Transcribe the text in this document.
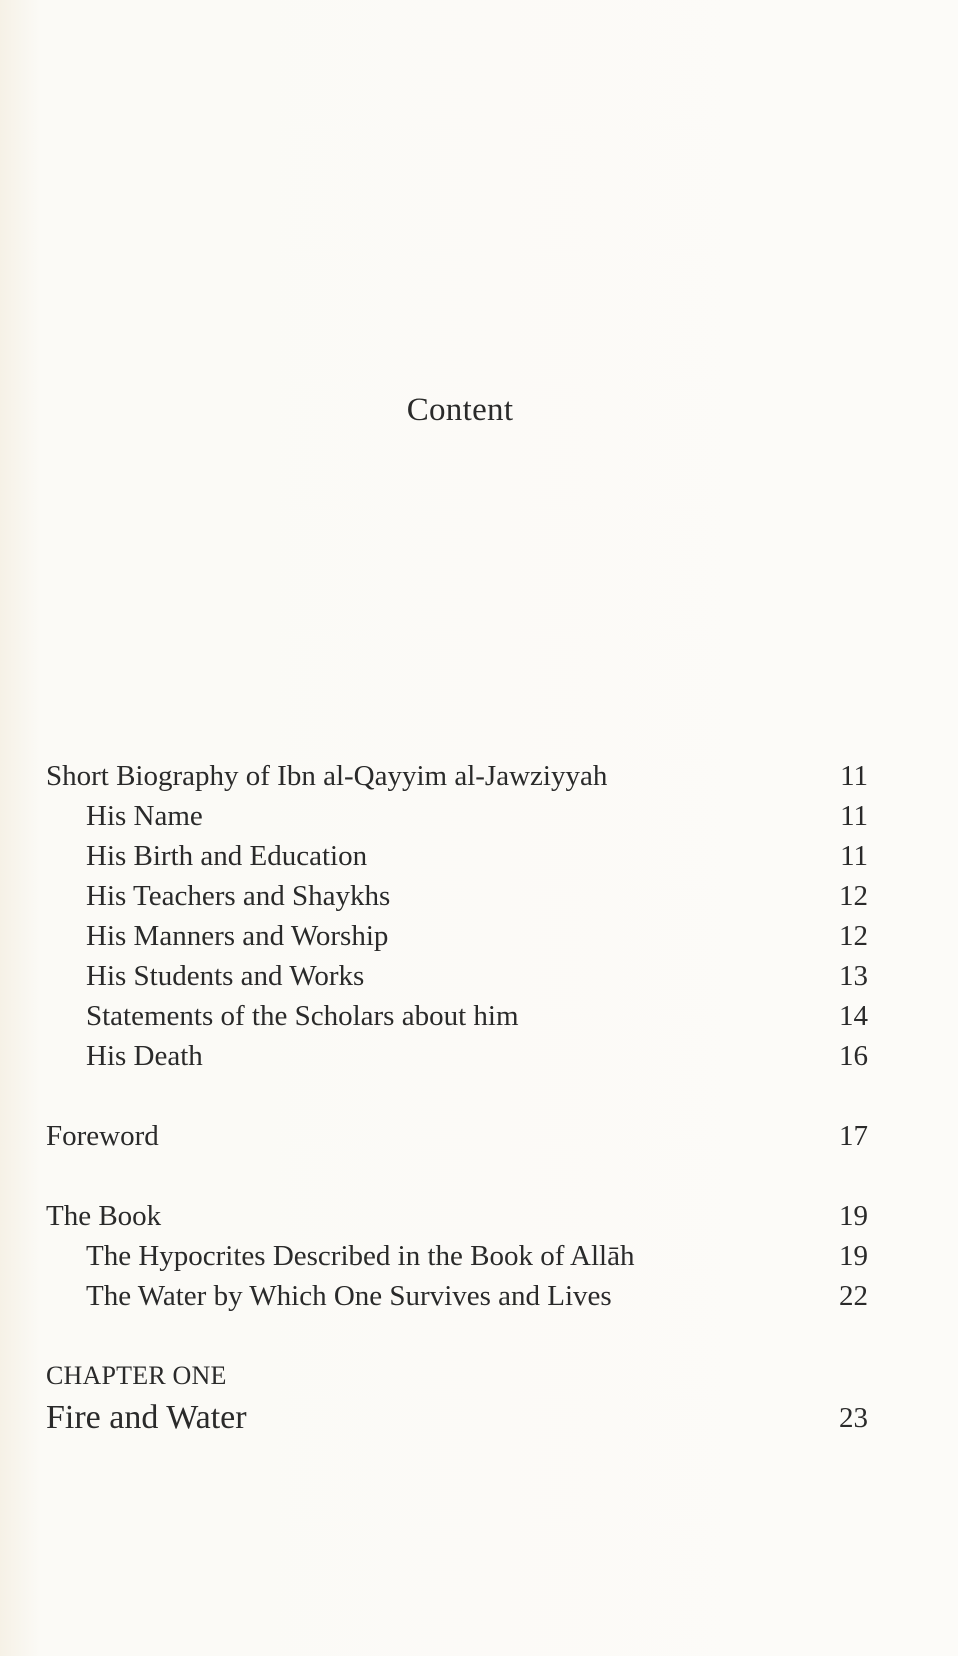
Content
Short Biography of Ibn al-Qayyim al-Jawziyyah	11
His Name	11
His Birth and Education	11
His Teachers and Shaykhs	12
His Manners and Worship	12
His Students and Works	13
Statements of the Scholars about him	14
His Death	16
Foreword	17
The Book	19
The Hypocrites Described in the Book of Allāh	19
The Water by Which One Survives and Lives	22
CHAPTER ONE
Fire and Water	23
